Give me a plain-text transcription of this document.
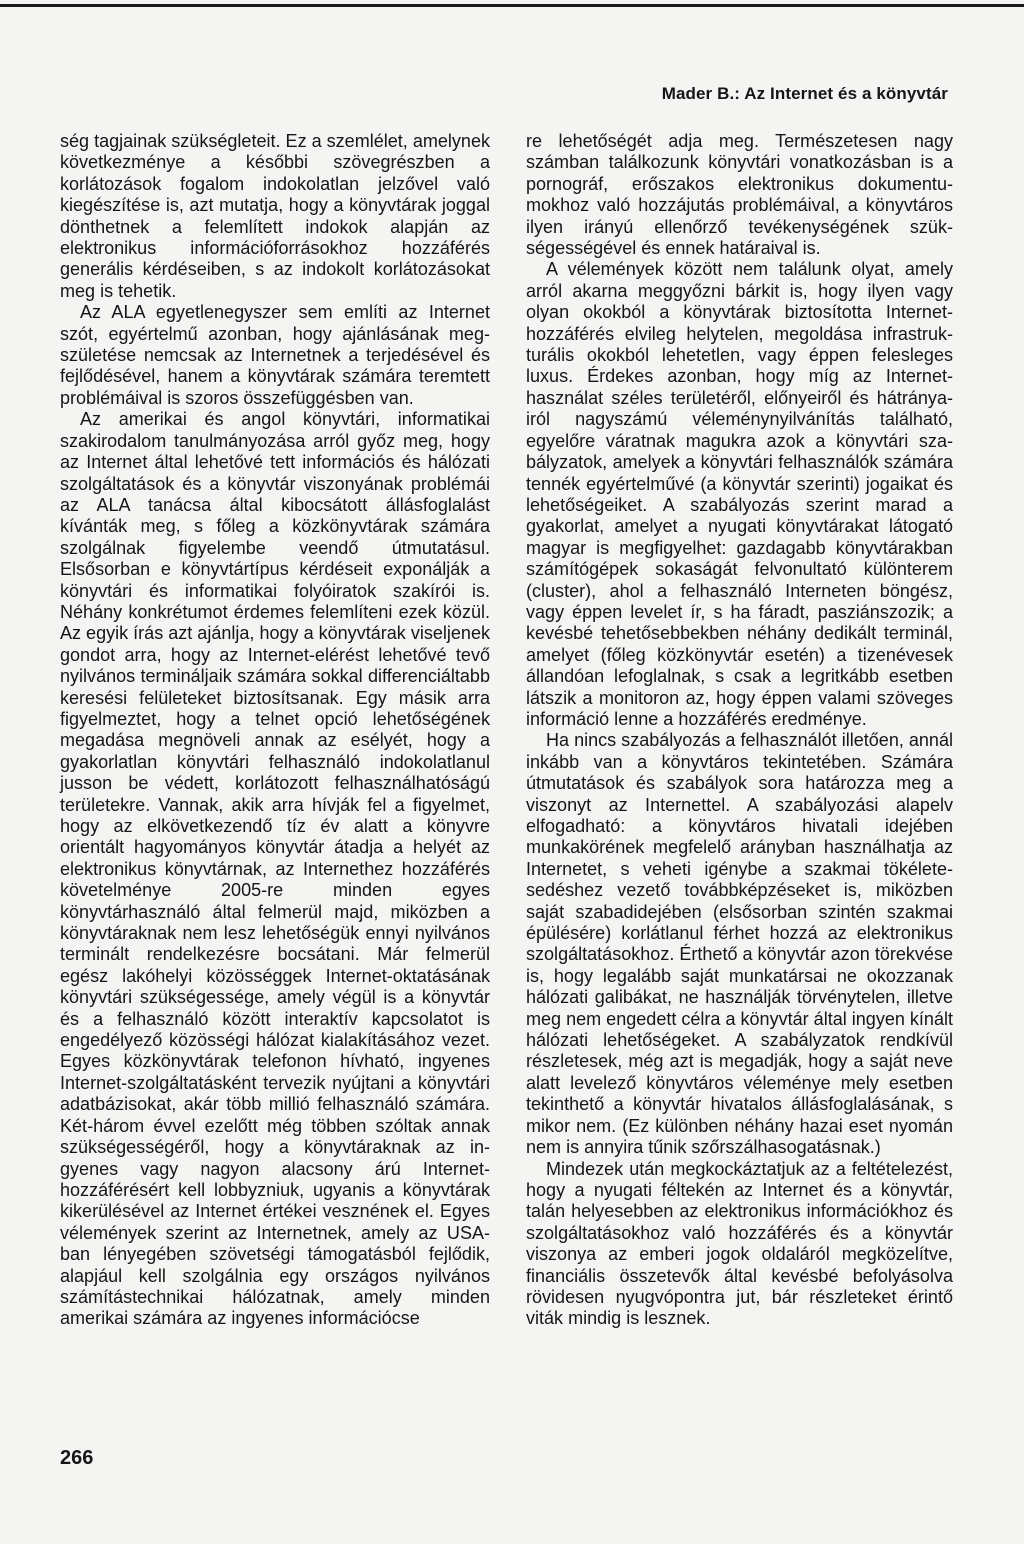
Mader B.: Az Internet és a könyvtár

ség tagjainak szükségleteit. Ez a szemlélet, amelynek következménye a későbbi szövegrészben a korlátozások fogalom indokolatlan jelzővel való kiegészítése is, azt mutatja, hogy a könyvtárak joggal dönthetnek a felemlített indokok alapján az elektronikus információforrásokhoz hozzáférés generális kérdéseiben, s az indokolt korlátozásokat meg is tehetik.

Az ALA egyetlenegyszer sem említi az Internet szót, egyértelmű azonban, hogy ajánlásának megszületése nemcsak az Internetnek a terjedésével és fejlődésével, hanem a könyvtárak számára teremtett problémáival is szoros összefüggésben van.

Az amerikai és angol könyvtári, informatikai szakirodalom tanulmányozása arról győz meg, hogy az Internet által lehetővé tett információs és hálózati szolgáltatások és a könyvtár viszonyának problémái az ALA tanácsa által kibocsátott állásfoglalást kívánták meg, s főleg a közkönyvtárak számára szolgálnak figyelembe veendő útmutatásul. Elsősorban e könyvtártípus kérdéseit exponálják a könyvtári és informatikai folyóiratok szakírói is. Néhány konkrétumot érdemes felemlíteni ezek közül. Az egyik írás azt ajánlja, hogy a könyvtárak viseljenek gondot arra, hogy az Internet-elérést lehetővé tevő nyilvános termináljaik számára sokkal differenciáltabb keresési felületeket biztosítsanak. Egy másik arra figyelmeztet, hogy a telnet opció lehetőségének megadása megnöveli annak az esélyét, hogy a gyakorlatlan könyvtári felhasználó indokolatlanul jusson be védett, korlátozott felhasználhatóságú területekre. Vannak, akik arra hívják fel a figyelmet, hogy az elkövetkezendő tíz év alatt a könyvre orientált hagyományos könyvtár átadja a helyét az elektronikus könyvtárnak, az Internethez hozzáférés követelménye 2005-re minden egyes könyvtárhasználó által felmerül majd, miközben a könyvtáraknak nem lesz lehetőségük ennyi nyilvános terminált rendelkezésre bocsátani. Már felmerül egész lakóhelyi közösséggek Internet-oktatásának könyvtári szükségessége, amely végül is a könyvtár és a felhasználó között interaktív kapcsolatot is engedélyező közösségi hálózat kialakításához vezet. Egyes közkönyvtárak telefonon hívható, ingyenes Internet-szolgáltatásként tervezik nyújtani a könyvtári adatbázisokat, akár több millió felhasználó számára. Két-három évvel ezelőtt még többen szóltak annak szükségességéről, hogy a könyvtáraknak az ingyenes vagy nagyon alacsony árú Internet-hozzáférésért kell lobbyzniuk, ugyanis a könyvtárak kikerülésével az Internet értékei vesznének el. Egyes vélemények szerint az Internetnek, amely az USA-ban lényegében szövetségi támogatásból fejlődik, alapjául kell szolgálnia egy országos nyilvános számítástechnikai hálózatnak, amely minden amerikai számára az ingyenes információcse

re lehetőségét adja meg. Természetesen nagy számban találkozunk könyvtári vonatkozásban is a pornográf, erőszakos elektronikus dokumentumokhoz való hozzájutás problémáival, a könyvtáros ilyen irányú ellenőrző tevékenységének szükségességével és ennek határaival is.

A vélemények között nem találunk olyat, amely arról akarna meggyőzni bárkit is, hogy ilyen vagy olyan okokból a könyvtárak biztosította Internet-hozzáférés elvileg helytelen, megoldása infrastrukturális okokból lehetetlen, vagy éppen felesleges luxus. Érdekes azonban, hogy míg az Internet-használat széles területéről, előnyeiről és hátrányairól nagyszámú véleménynyilvánítás található, egyelőre váratnak magukra azok a könyvtári szabályzatok, amelyek a könyvtári felhasználók számára tennék egyértelművé (a könyvtár szerinti) jogaikat és lehetőségeiket. A szabályozás szerint marad a gyakorlat, amelyet a nyugati könyvtárakat látogató magyar is megfigyelhet: gazdagabb könyvtárakban számítógépek sokaságát felvonultató különterem (cluster), ahol a felhasználó Interneten böngész, vagy éppen levelet ír, s ha fáradt, pasziánszozik; a kevésbé tehetősebbekben néhány dedikált terminál, amelyet (főleg közkönyvtár esetén) a tizenévesek állandóan lefoglalnak, s csak a legritkább esetben látszik a monitoron az, hogy éppen valami szöveges információ lenne a hozzáférés eredménye.

Ha nincs szabályozás a felhasználót illetően, annál inkább van a könyvtáros tekintetében. Számára útmutatások és szabályok sora határozza meg a viszonyt az Internettel. A szabályozási alapelv elfogadható: a könyvtáros hivatali idejében munkakörének megfelelő arányban használhatja az Internetet, s veheti igénybe a szakmai tökéletesedéshez vezető továbbképzéseket is, miközben saját szabadidejében (elsősorban szintén szakmai épülésére) korlátlanul férhet hozzá az elektronikus szolgáltatásokhoz. Érthető a könyvtár azon törekvése is, hogy legalább saját munkatársai ne okozzanak hálózati galibákat, ne használják törvénytelen, illetve meg nem engedett célra a könyvtár által ingyen kínált hálózati lehetőségeket. A szabályzatok rendkívül részletesek, még azt is megadják, hogy a saját neve alatt levelező könyvtáros véleménye mely esetben tekinthető a könyvtár hivatalos állásfoglalásának, s mikor nem. (Ez különben néhány hazai eset nyomán nem is annyira tűnik szőrszálhasogatásnak.)

Mindezek után megkockáztatjuk az a feltételezést, hogy a nyugati féltekén az Internet és a könyvtár, talán helyesebben az elektronikus információkhoz és szolgáltatásokhoz való hozzáférés és a könyvtár viszonya az emberi jogok oldaláról megközelítve, financiális összetevők által kevésbé befolyásolva rövidesen nyugvópontra jut, bár részleteket érintő viták mindig is lesznek.

266
